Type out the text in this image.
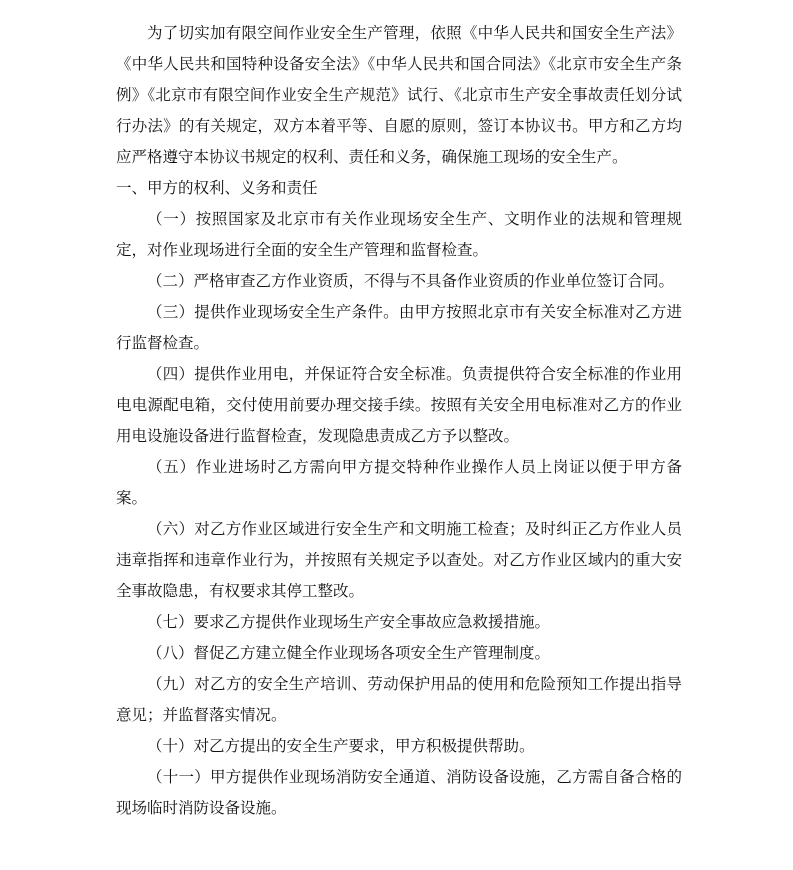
为了切实加有限空间作业安全生产管理，依照《中华人民共和国安全生产法》《中华人民共和国特种设备安全法》《中华人民共和国合同法》《北京市安全生产条例》《北京市有限空间作业安全生产规范》试行、《北京市生产安全事故责任划分试行办法》的有关规定，双方本着平等、自愿的原则，签订本协议书。甲方和乙方均应严格遵守本协议书规定的权利、责任和义务，确保施工现场的安全生产。

一、甲方的权利、义务和责任

（一）按照国家及北京市有关作业现场安全生产、文明作业的法规和管理规定，对作业现场进行全面的安全生产管理和监督检查。

（二）严格审查乙方作业资质，不得与不具备作业资质的作业单位签订合同。

（三）提供作业现场安全生产条件。由甲方按照北京市有关安全标准对乙方进行监督检查。

（四）提供作业用电，并保证符合安全标准。负责提供符合安全标准的作业用电电源配电箱，交付使用前要办理交接手续。按照有关安全用电标准对乙方的作业用电设施设备进行监督检查，发现隐患责成乙方予以整改。

（五）作业进场时乙方需向甲方提交特种作业操作人员上岗证以便于甲方备案。

（六）对乙方作业区域进行安全生产和文明施工检查；及时纠正乙方作业人员违章指挥和违章作业行为，并按照有关规定予以查处。对乙方作业区域内的重大安全事故隐患，有权要求其停工整改。

（七）要求乙方提供作业现场生产安全事故应急救援措施。

（八）督促乙方建立健全作业现场各项安全生产管理制度。

（九）对乙方的安全生产培训、劳动保护用品的使用和危险预知工作提出指导意见；并监督落实情况。

（十）对乙方提出的安全生产要求，甲方积极提供帮助。

（十一）甲方提供作业现场消防安全通道、消防设备设施，乙方需自备合格的现场临时消防设备设施。
